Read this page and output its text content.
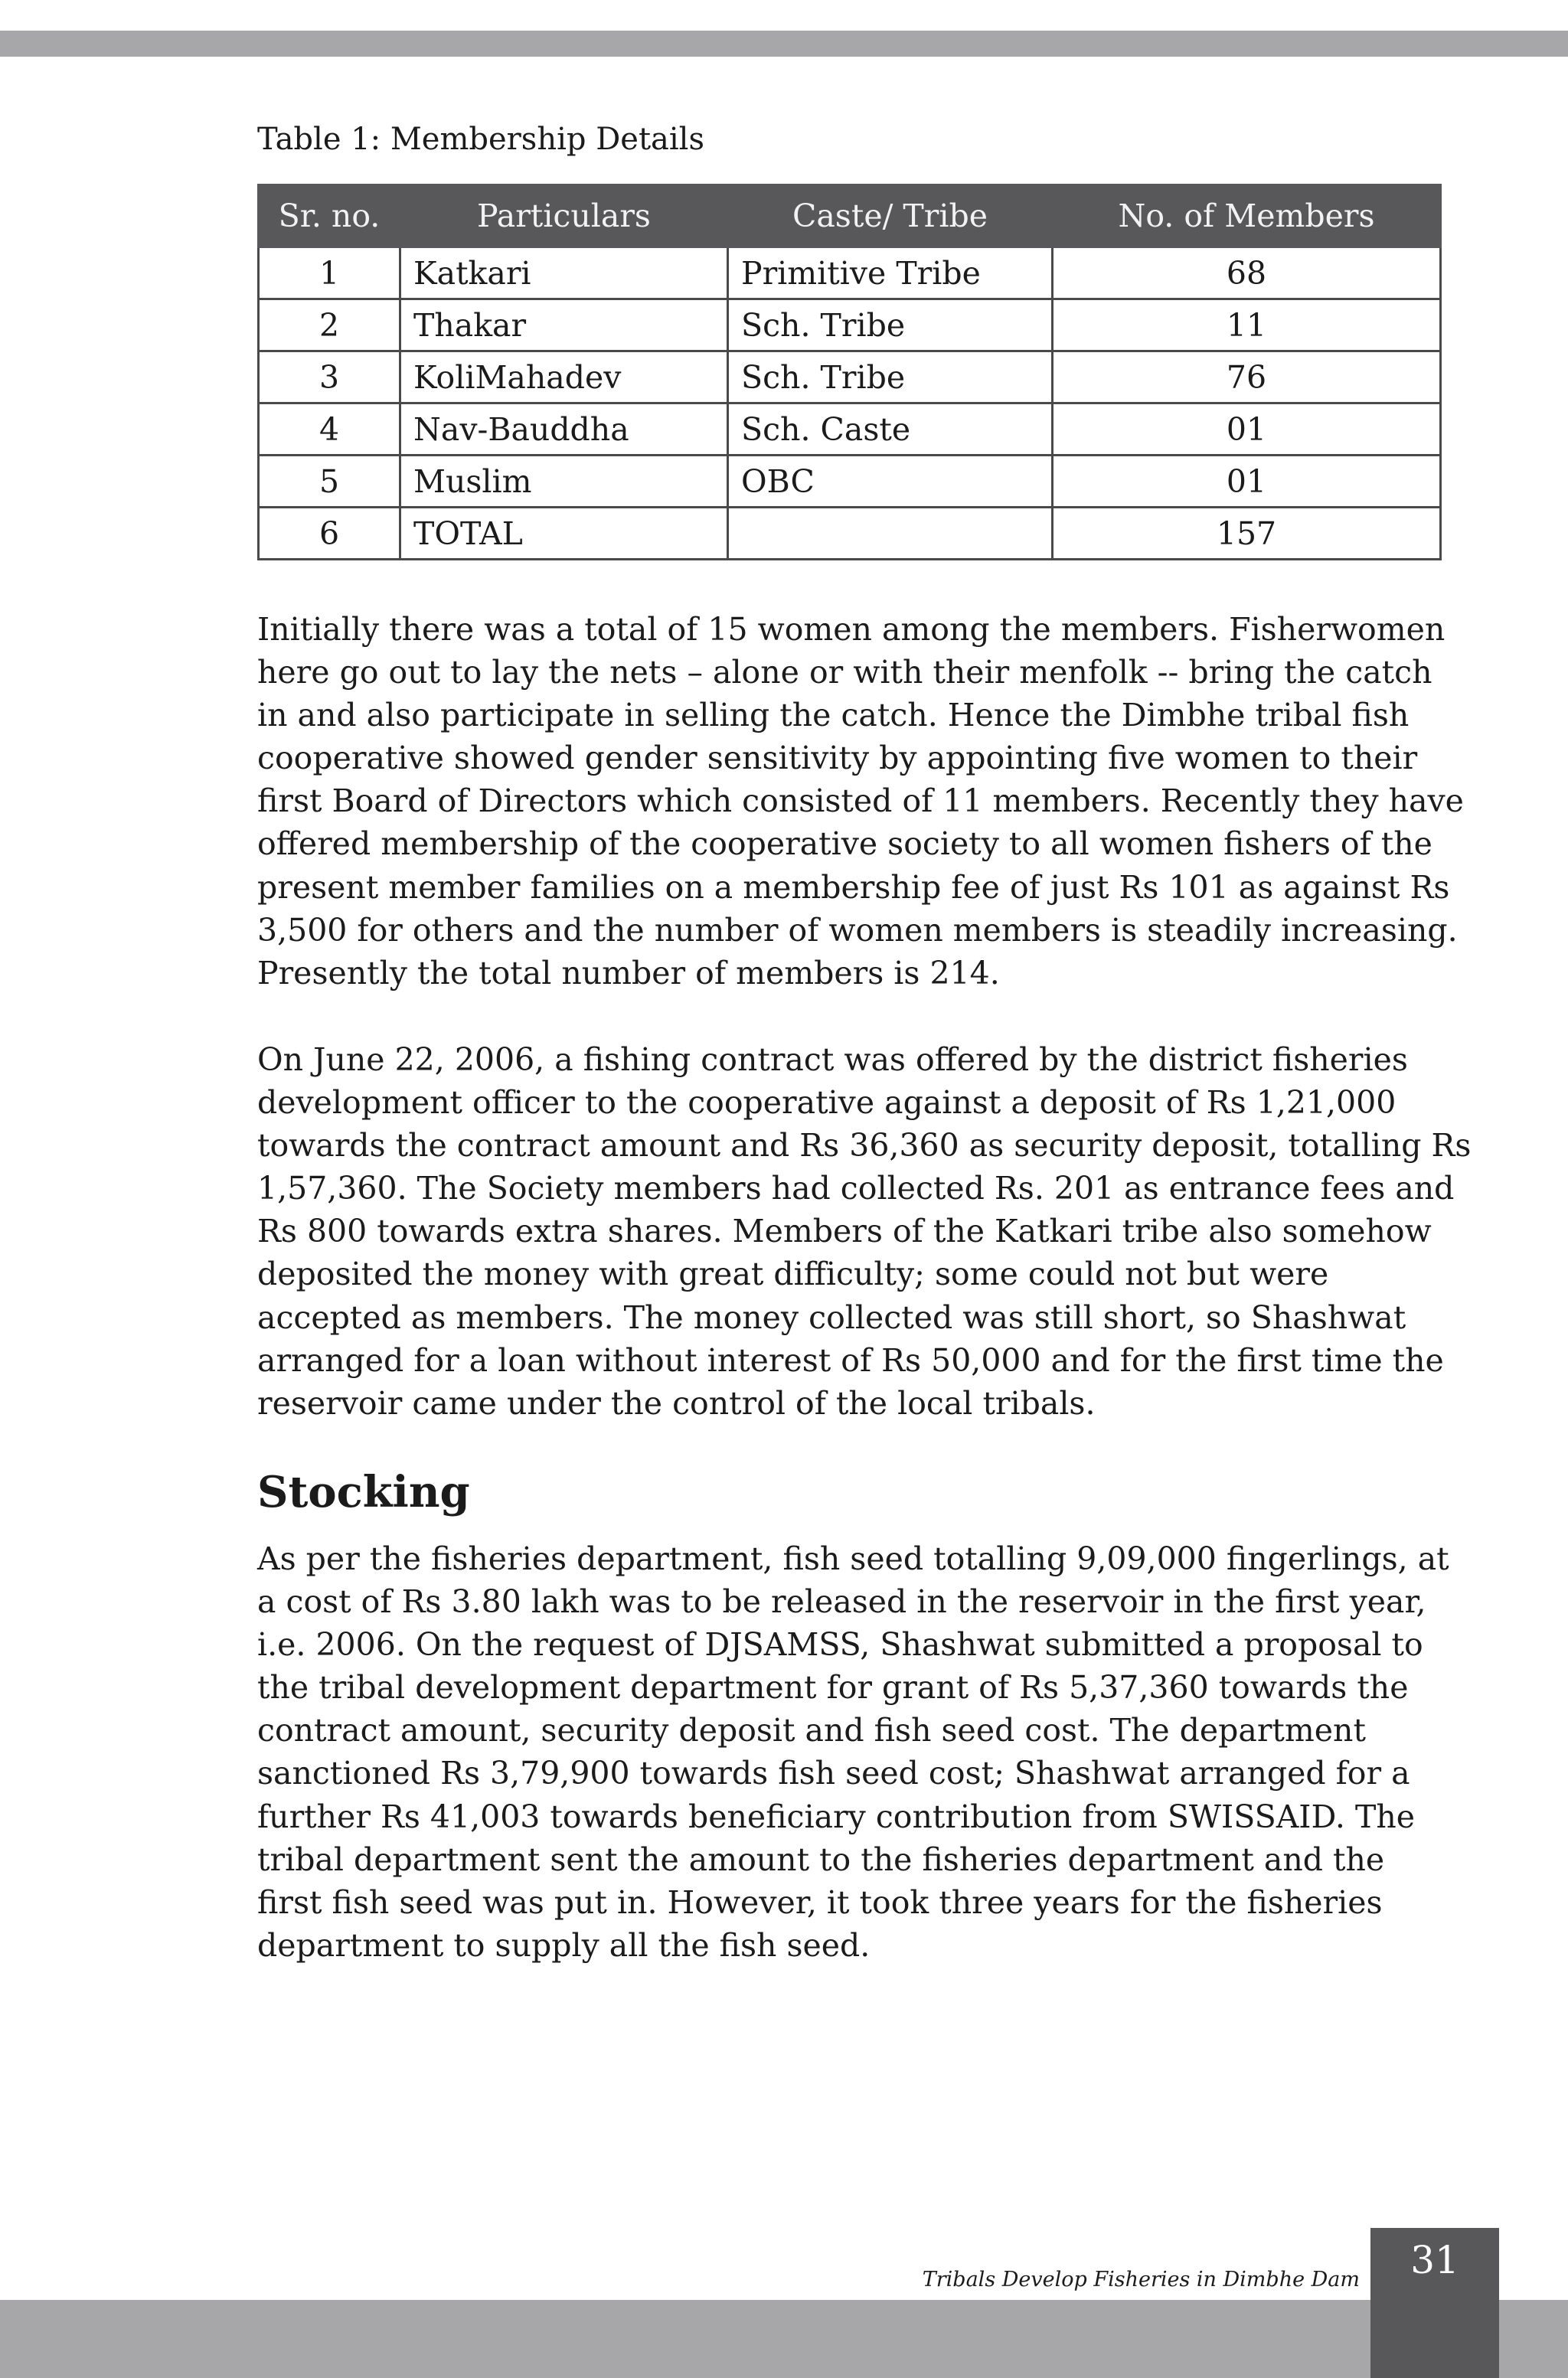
Table 1: Membership Details
Sr. no.	Particulars	Caste/ Tribe	No. of Members
1	Katkari	Primitive Tribe	68
2	Thakar	Sch. Tribe	11
3	KoliMahadev	Sch. Tribe	76
4	Nav-Bauddha	Sch. Caste	01
5	Muslim	OBC	01
6	TOTAL		157
Initially there was a total of 15 women among the members. Fisherwomen
here go out to lay the nets – alone or with their menfolk -- bring the catch
in and also participate in selling the catch. Hence the Dimbhe tribal fish
cooperative showed gender sensitivity by appointing five women to their
first Board of Directors which consisted of 11 members. Recently they have
offered membership of the cooperative society to all women fishers of the
present member families on a membership fee of just Rs 101 as against Rs
3,500 for others and the number of women members is steadily increasing.
Presently the total number of members is 214.
On June 22, 2006, a fishing contract was offered by the district fisheries
development officer to the cooperative against a deposit of Rs 1,21,000
towards the contract amount and Rs 36,360 as security deposit, totalling Rs
1,57,360. The Society members had collected Rs. 201 as entrance fees and
Rs 800 towards extra shares. Members of the Katkari tribe also somehow
deposited the money with great difficulty; some could not but were
accepted as members. The money collected was still short, so Shashwat
arranged for a loan without interest of Rs 50,000 and for the first time the
reservoir came under the control of the local tribals.
Stocking
As per the fisheries department, fish seed totalling 9,09,000 fingerlings, at
a cost of Rs 3.80 lakh was to be released in the reservoir in the first year,
i.e. 2006. On the request of DJSAMSS, Shashwat submitted a proposal to
the tribal development department for grant of Rs 5,37,360 towards the
contract amount, security deposit and fish seed cost. The department
sanctioned Rs 3,79,900 towards fish seed cost; Shashwat arranged for a
further Rs 41,003 towards beneficiary contribution from SWISSAID. The
tribal department sent the amount to the fisheries department and the
first fish seed was put in. However, it took three years for the fisheries
department to supply all the fish seed.
31
Tribals Develop Fisheries in Dimbhe Dam
